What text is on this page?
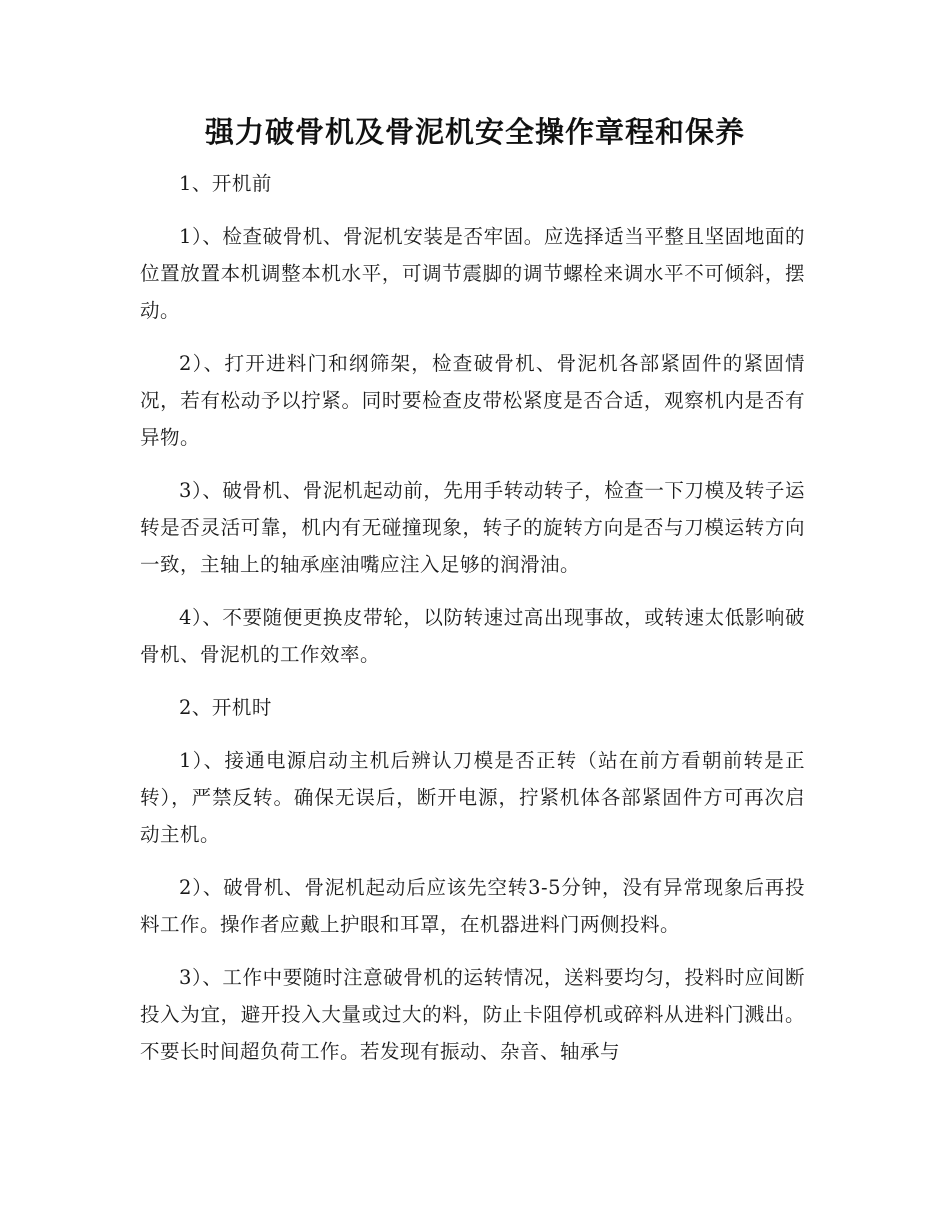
强力破骨机及骨泥机安全操作章程和保养
1、开机前

1）、检查破骨机、骨泥机安装是否牢固。应选择适当平整且坚固地面的位置放置本机调整本机水平，可调节震脚的调节螺栓来调水平不可倾斜，摆动。

2）、打开进料门和纲筛架，检查破骨机、骨泥机各部紧固件的紧固情况，若有松动予以拧紧。同时要检查皮带松紧度是否合适，观察机内是否有异物。

3）、破骨机、骨泥机起动前，先用手转动转子，检查一下刀模及转子运转是否灵活可靠，机内有无碰撞现象，转子的旋转方向是否与刀模运转方向一致，主轴上的轴承座油嘴应注入足够的润滑油。

4）、不要随便更换皮带轮，以防转速过高出现事故，或转速太低影响破骨机、骨泥机的工作效率。

2、开机时

1）、接通电源启动主机后辨认刀模是否正转（站在前方看朝前转是正转），严禁反转。确保无误后，断开电源，拧紧机体各部紧固件方可再次启动主机。

2）、破骨机、骨泥机起动后应该先空转3-5分钟，没有异常现象后再投料工作。操作者应戴上护眼和耳罩，在机器进料门两侧投料。

3）、工作中要随时注意破骨机的运转情况，送料要均匀，投料时应间断投入为宜，避开投入大量或过大的料，防止卡阻停机或碎料从进料门溅出。不要长时间超负荷工作。若发现有振动、杂音、轴承与
